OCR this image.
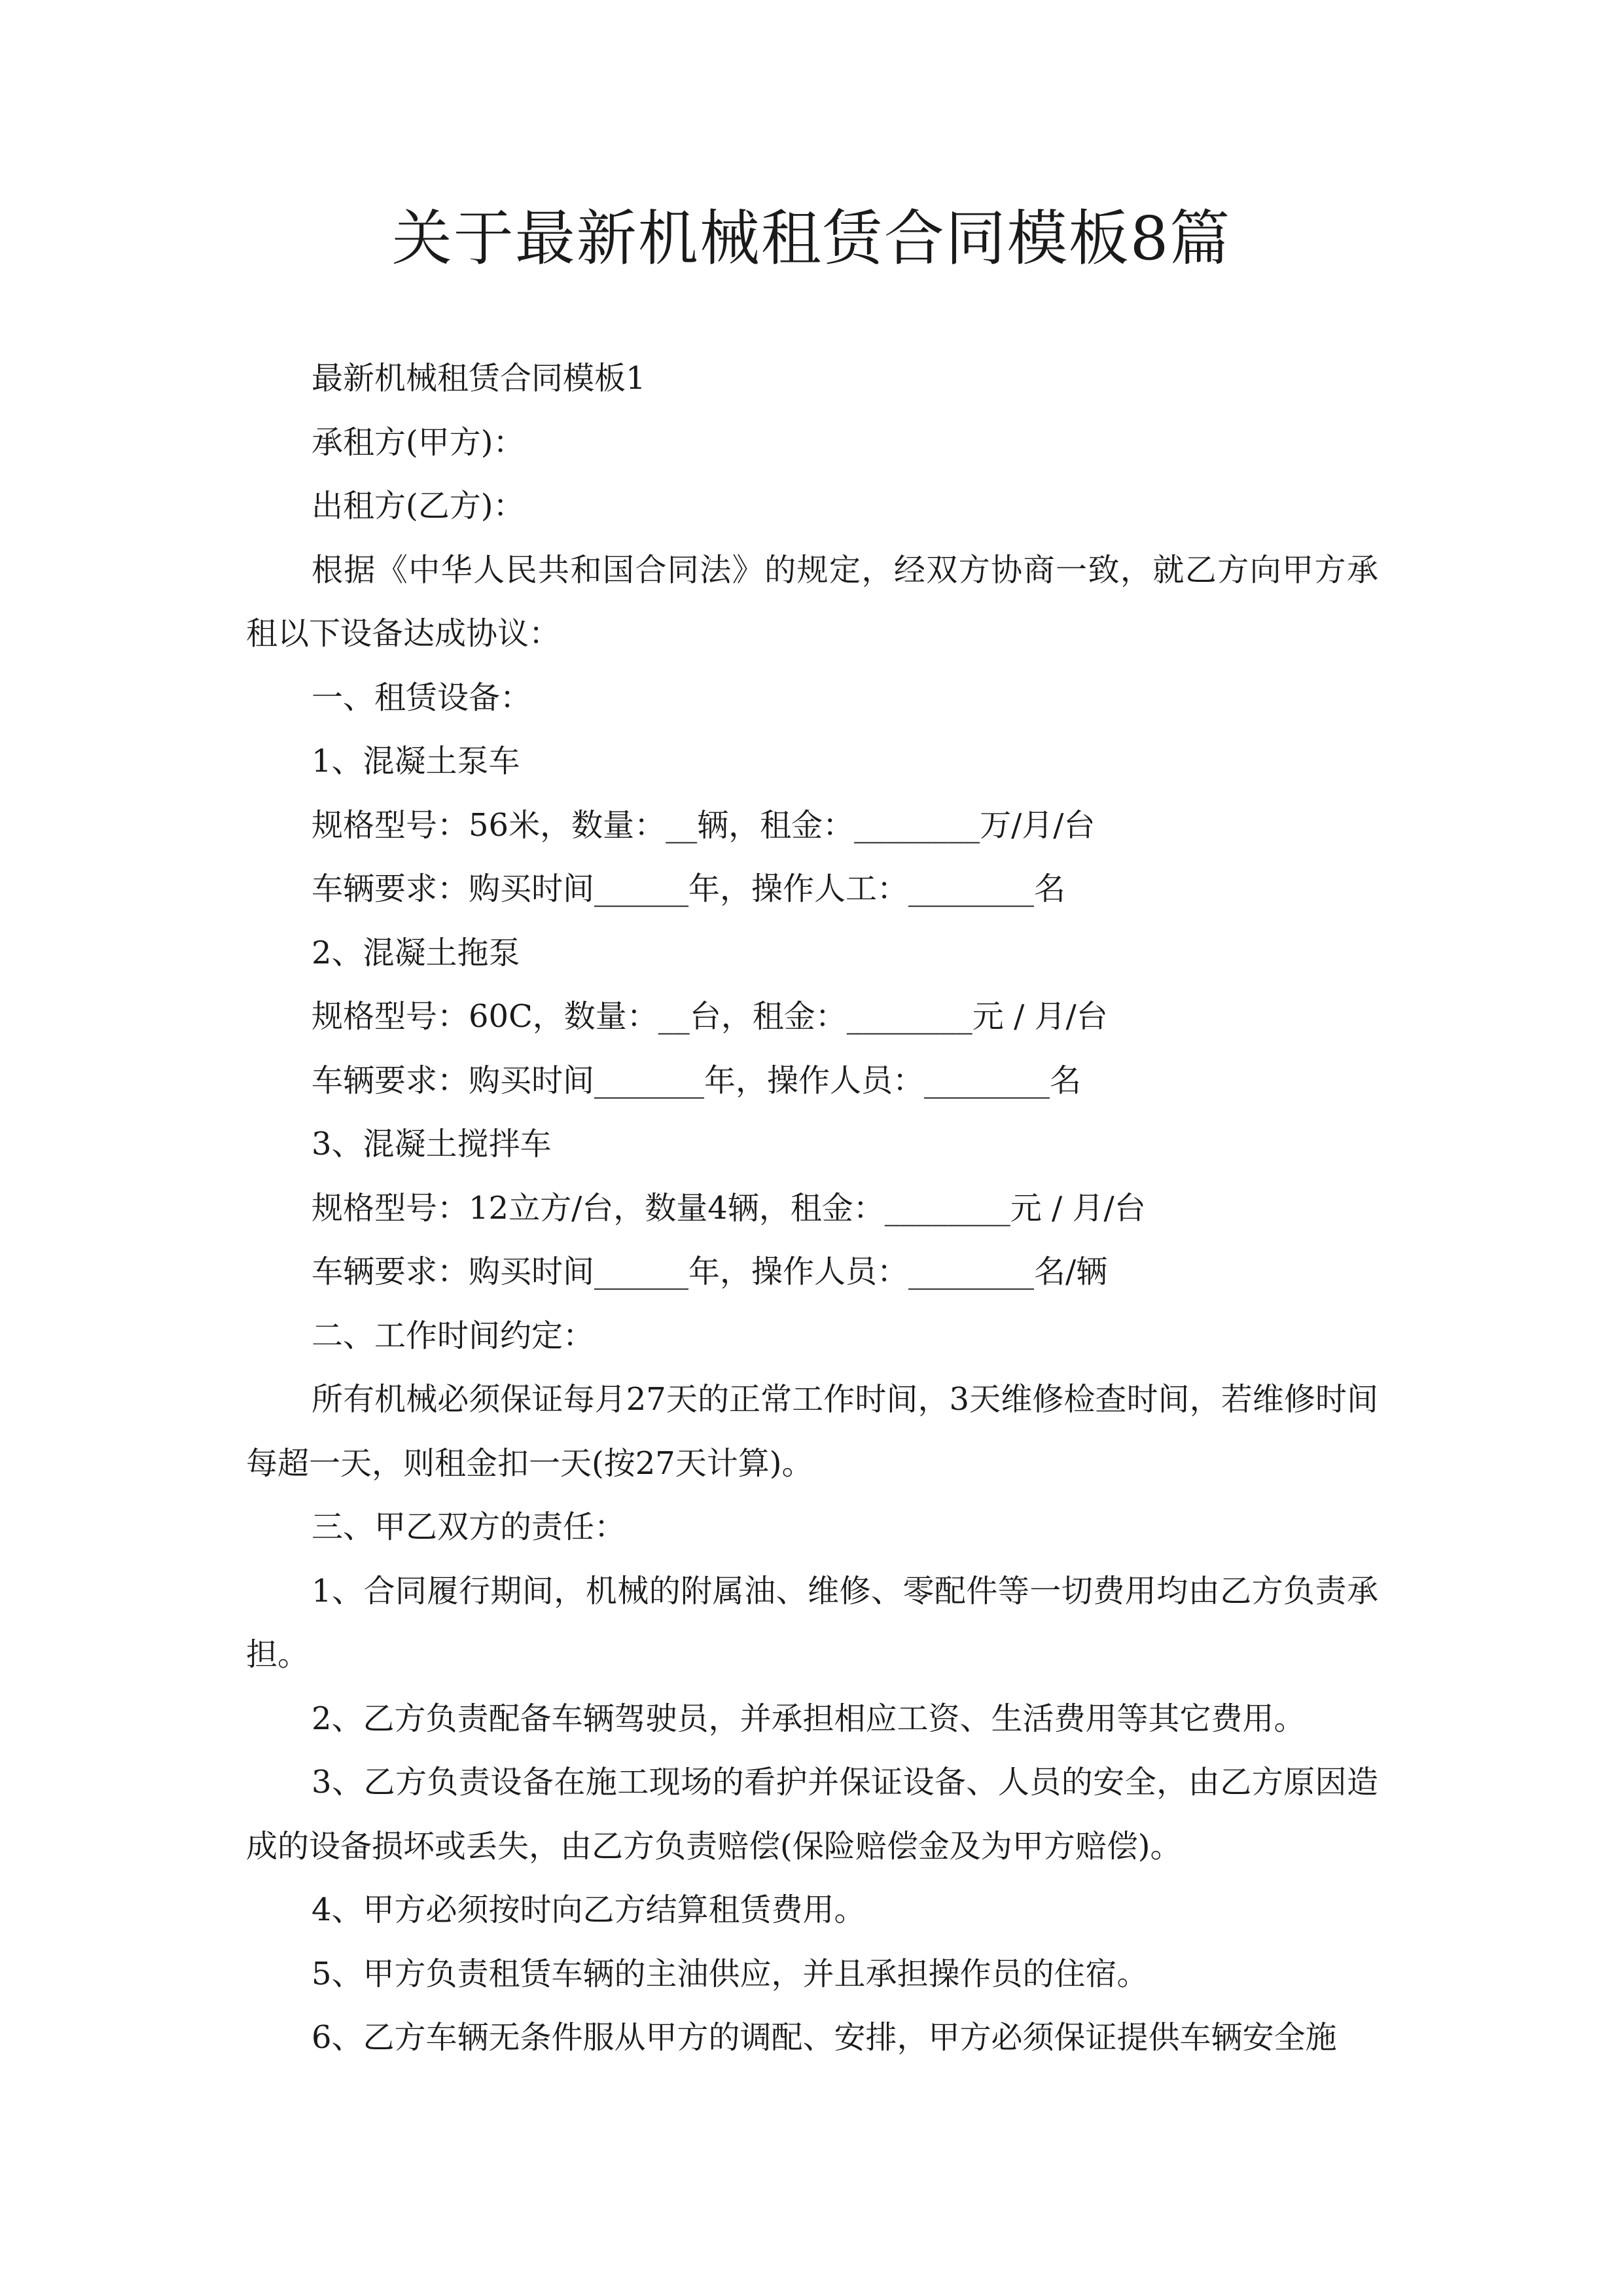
关于最新机械租赁合同模板8篇

最新机械租赁合同模板1

承租方(甲方)：

出租方(乙方)：

根据《中华人民共和国合同法》的规定，经双方协商一致，就乙方向甲方承租以下设备达成协议：

一、租赁设备：

1、混凝土泵车

规格型号：56米，数量：__辆，租金：________万/月/台

车辆要求：购买时间______年，操作人工：________名

2、混凝土拖泵

规格型号：60C，数量：__台，租金：________元 / 月/台

车辆要求：购买时间_______年，操作人员：________名

3、混凝土搅拌车

规格型号：12立方/台，数量4辆，租金：________元 / 月/台

车辆要求：购买时间______年，操作人员：________名/辆

二、工作时间约定：

所有机械必须保证每月27天的正常工作时间，3天维修检查时间，若维修时间每超一天，则租金扣一天(按27天计算)。

三、甲乙双方的责任：

1、合同履行期间，机械的附属油、维修、零配件等一切费用均由乙方负责承担。

2、乙方负责配备车辆驾驶员，并承担相应工资、生活费用等其它费用。

3、乙方负责设备在施工现场的看护并保证设备、人员的安全，由乙方原因造成的设备损坏或丢失，由乙方负责赔偿(保险赔偿金及为甲方赔偿)。

4、甲方必须按时向乙方结算租赁费用。

5、甲方负责租赁车辆的主油供应，并且承担操作员的住宿。

6、乙方车辆无条件服从甲方的调配、安排，甲方必须保证提供车辆安全施
